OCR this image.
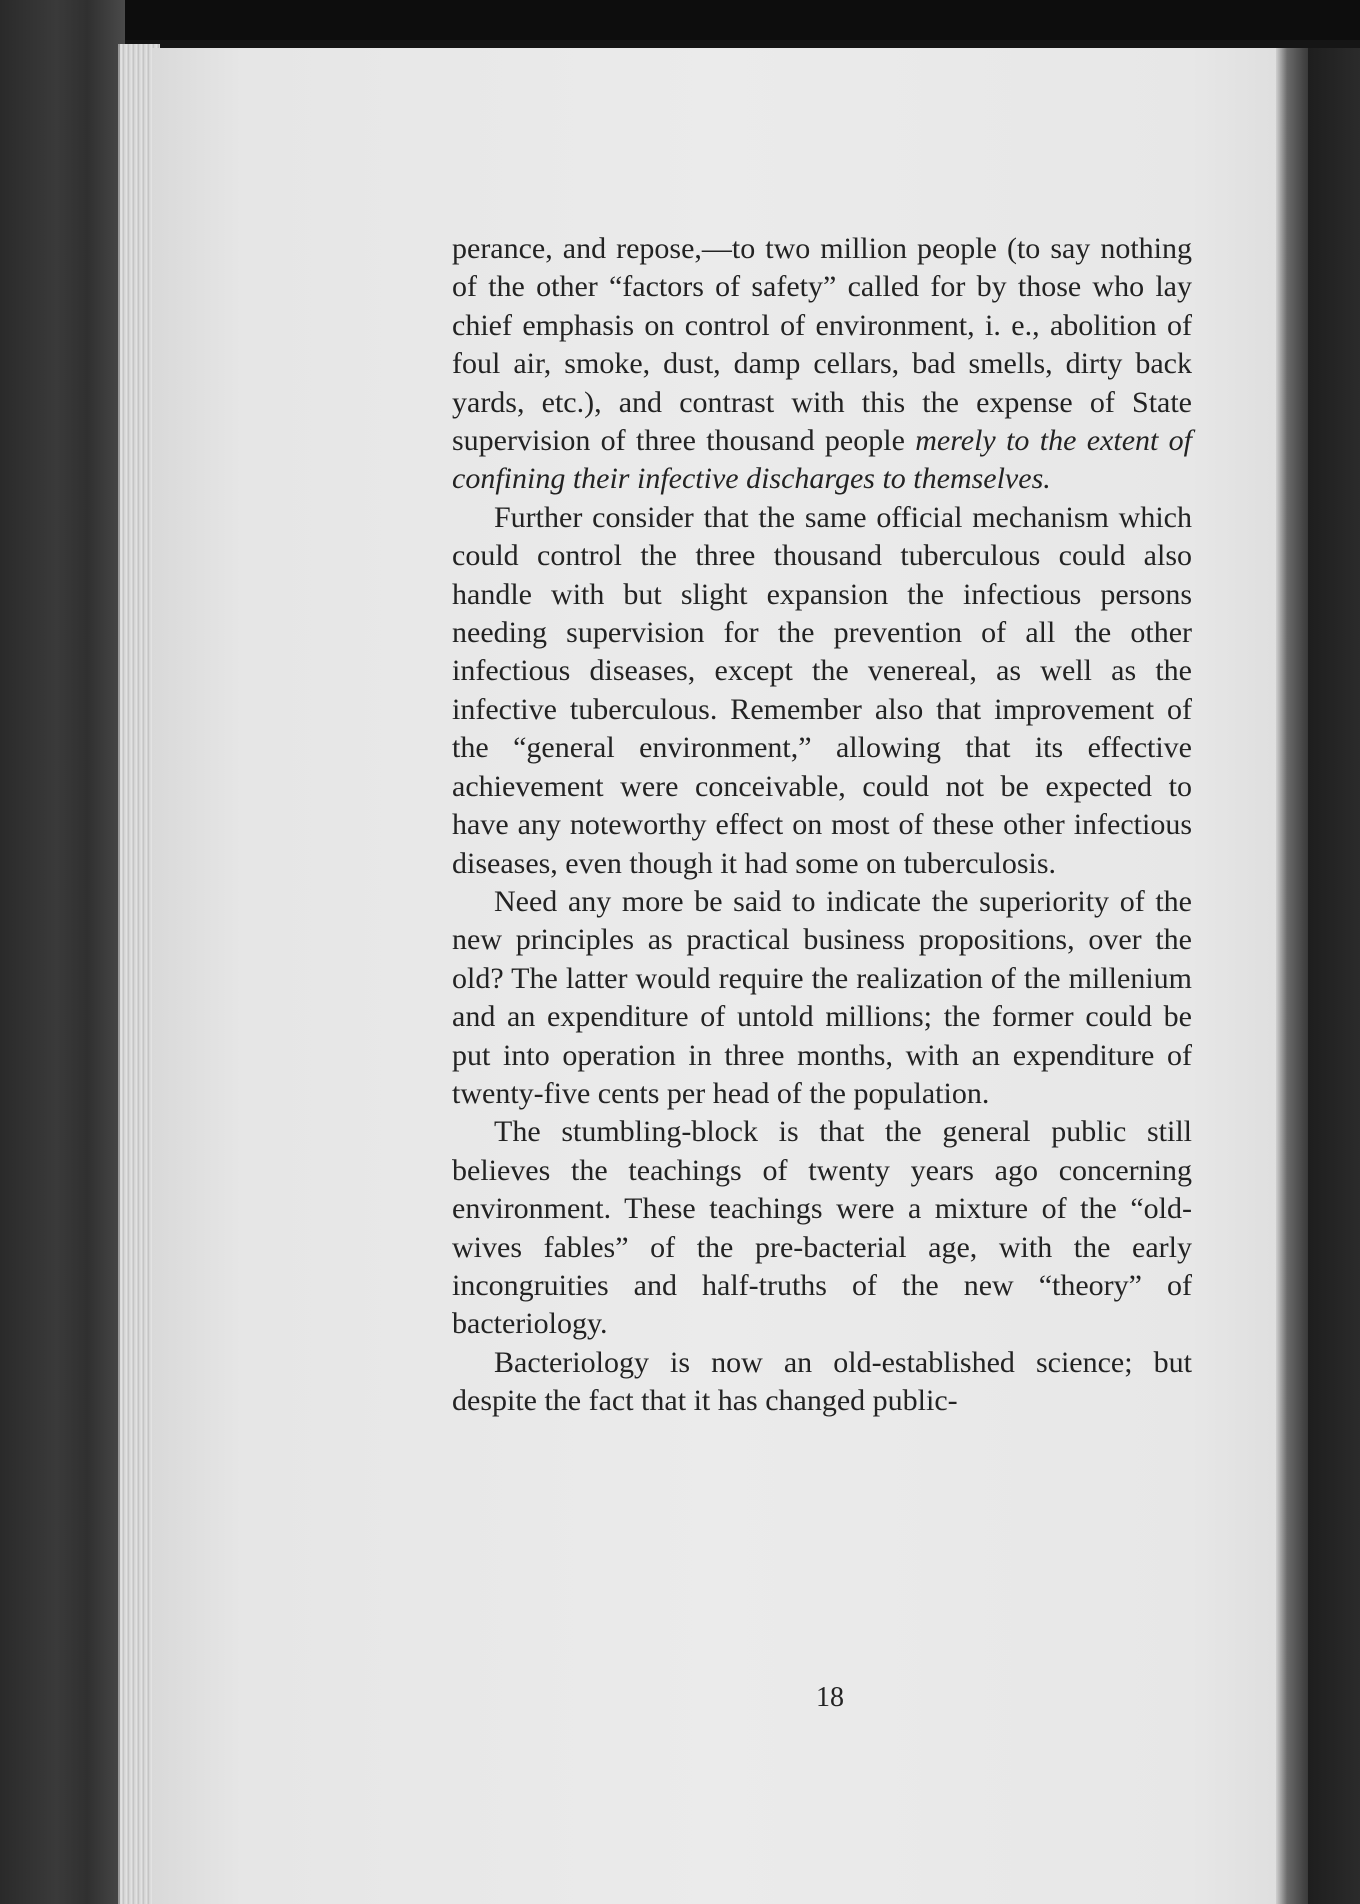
perance, and repose,—to two million people (to say nothing of the other “factors of safety” called for by those who lay chief emphasis on control of environment, i. e., abolition of foul air, smoke, dust, damp cellars, bad smells, dirty back yards, etc.), and contrast with this the expense of State supervision of three thousand people merely to the extent of confining their infective discharges to themselves.

Further consider that the same official mechanism which could control the three thousand tuberculous could also handle with but slight expansion the infectious persons needing supervision for the prevention of all the other infectious diseases, except the venereal, as well as the infective tuberculous. Remember also that improvement of the “general environment,” allowing that its effective achievement were conceivable, could not be expected to have any noteworthy effect on most of these other infectious diseases, even though it had some on tuberculosis.

Need any more be said to indicate the superiority of the new principles as practical business propositions, over the old? The latter would require the realization of the millenium and an expenditure of untold millions; the former could be put into operation in three months, with an expenditure of twenty-five cents per head of the population.

The stumbling-block is that the general public still believes the teachings of twenty years ago concerning environment. These teachings were a mixture of the “old-wives fables” of the pre-bacterial age, with the early incongruities and half-truths of the new “theory” of bacteriology.

Bacteriology is now an old-established science; but despite the fact that it has changed public-

18
